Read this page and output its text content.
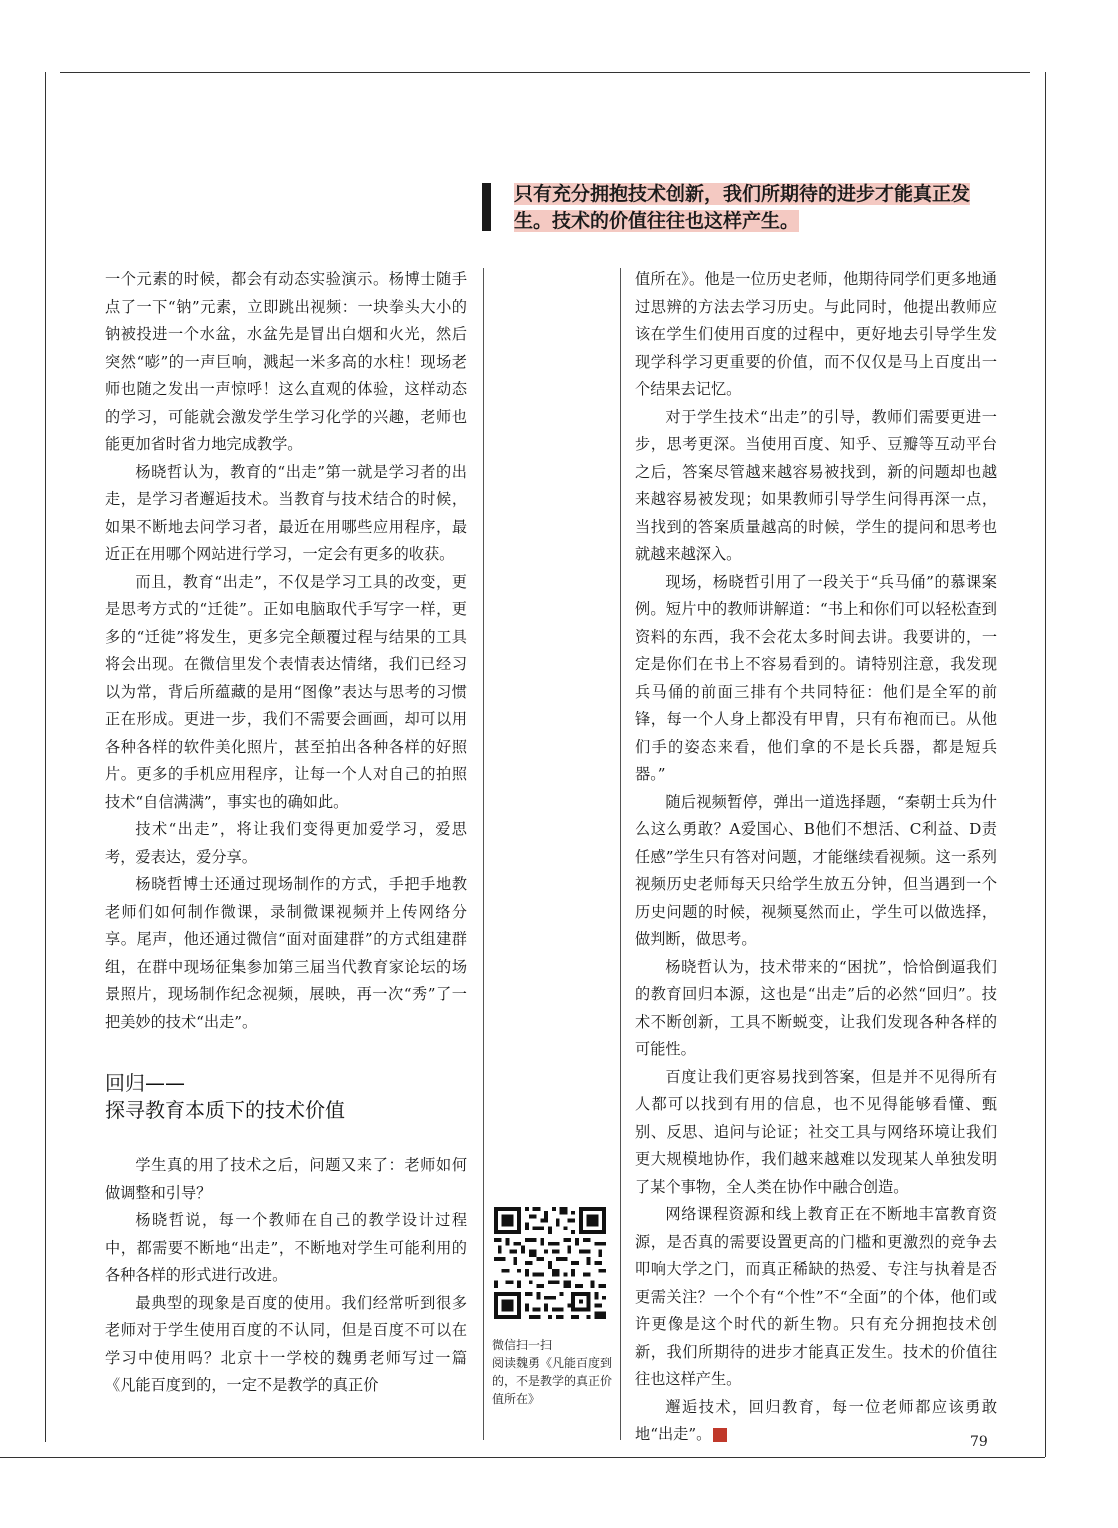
只有充分拥抱技术创新，我们所期待的进步才能真正发生。技术的价值往往也这样产生。

一个元素的时候，都会有动态实验演示。杨博士随手点了一下“钠”元素，立即跳出视频：一块拳头大小的钠被投进一个水盆，水盆先是冒出白烟和火光，然后突然“嘭”的一声巨响，溅起一米多高的水柱！现场老师也随之发出一声惊呼！这么直观的体验，这样动态的学习，可能就会激发学生学习化学的兴趣，老师也能更加省时省力地完成教学。

杨晓哲认为，教育的“出走”第一就是学习者的出走，是学习者邂逅技术。当教育与技术结合的时候，如果不断地去问学习者，最近在用哪些应用程序，最近正在用哪个网站进行学习，一定会有更多的收获。

而且，教育“出走”，不仅是学习工具的改变，更是思考方式的“迁徙”。正如电脑取代手写字一样，更多的“迁徙”将发生，更多完全颠覆过程与结果的工具将会出现。在微信里发个表情表达情绪，我们已经习以为常，背后所蕴藏的是用“图像”表达与思考的习惯正在形成。更进一步，我们不需要会画画，却可以用各种各样的软件美化照片，甚至拍出各种各样的好照片。更多的手机应用程序，让每一个人对自己的拍照技术“自信满满”，事实也的确如此。

技术“出走”，将让我们变得更加爱学习，爱思考，爱表达，爱分享。

杨晓哲博士还通过现场制作的方式，手把手地教老师们如何制作微课，录制微课视频并上传网络分享。尾声，他还通过微信“面对面建群”的方式组建群组，在群中现场征集参加第三届当代教育家论坛的场景照片，现场制作纪念视频，展映，再一次“秀”了一把美妙的技术“出走”。

回归——
探寻教育本质下的技术价值

学生真的用了技术之后，问题又来了：老师如何做调整和引导？

杨晓哲说，每一个教师在自己的教学设计过程中，都需要不断地“出走”，不断地对学生可能利用的各种各样的形式进行改进。

最典型的现象是百度的使用。我们经常听到很多老师对于学生使用百度的不认同，但是百度不可以在学习中使用吗？北京十一学校的魏勇老师写过一篇《凡能百度到的，一定不是教学的真正价

值所在》。他是一位历史老师，他期待同学们更多地通过思辨的方法去学习历史。与此同时，他提出教师应该在学生们使用百度的过程中，更好地去引导学生发现学科学习更重要的价值，而不仅仅是马上百度出一个结果去记忆。

对于学生技术“出走”的引导，教师们需要更进一步，思考更深。当使用百度、知乎、豆瓣等互动平台之后，答案尽管越来越容易被找到，新的问题却也越来越容易被发现；如果教师引导学生问得再深一点，当找到的答案质量越高的时候，学生的提问和思考也就越来越深入。

现场，杨晓哲引用了一段关于“兵马俑”的慕课案例。短片中的教师讲解道：“书上和你们可以轻松查到资料的东西，我不会花太多时间去讲。我要讲的，一定是你们在书上不容易看到的。请特别注意，我发现兵马俑的前面三排有个共同特征：他们是全军的前锋，每一个人身上都没有甲胄，只有布袍而已。从他们手的姿态来看，他们拿的不是长兵器，都是短兵器。”

随后视频暂停，弹出一道选择题，“秦朝士兵为什么这么勇敢？A爱国心、B他们不想活、C利益、D责任感”学生只有答对问题，才能继续看视频。这一系列视频历史老师每天只给学生放五分钟，但当遇到一个历史问题的时候，视频戛然而止，学生可以做选择，做判断，做思考。

杨晓哲认为，技术带来的“困扰”，恰恰倒逼我们的教育回归本源，这也是“出走”后的必然“回归”。技术不断创新，工具不断蜕变，让我们发现各种各样的可能性。

百度让我们更容易找到答案，但是并不见得所有人都可以找到有用的信息，也不见得能够看懂、甄别、反思、追问与论证；社交工具与网络环境让我们更大规模地协作，我们越来越难以发现某人单独发明了某个事物，全人类在协作中融合创造。

网络课程资源和线上教育正在不断地丰富教育资源，是否真的需要设置更高的门槛和更激烈的竞争去叩响大学之门，而真正稀缺的热爱、专注与执着是否更需关注？一个个有“个性”不“全面”的个体，他们或许更像是这个时代的新生物。只有充分拥抱技术创新，我们所期待的进步才能真正发生。技术的价值往往也这样产生。

邂逅技术，回归教育，每一位老师都应该勇敢地“出走”。	家

微信扫一扫
阅读魏勇《凡能百度到的，不是教学的真正价值所在》
79
